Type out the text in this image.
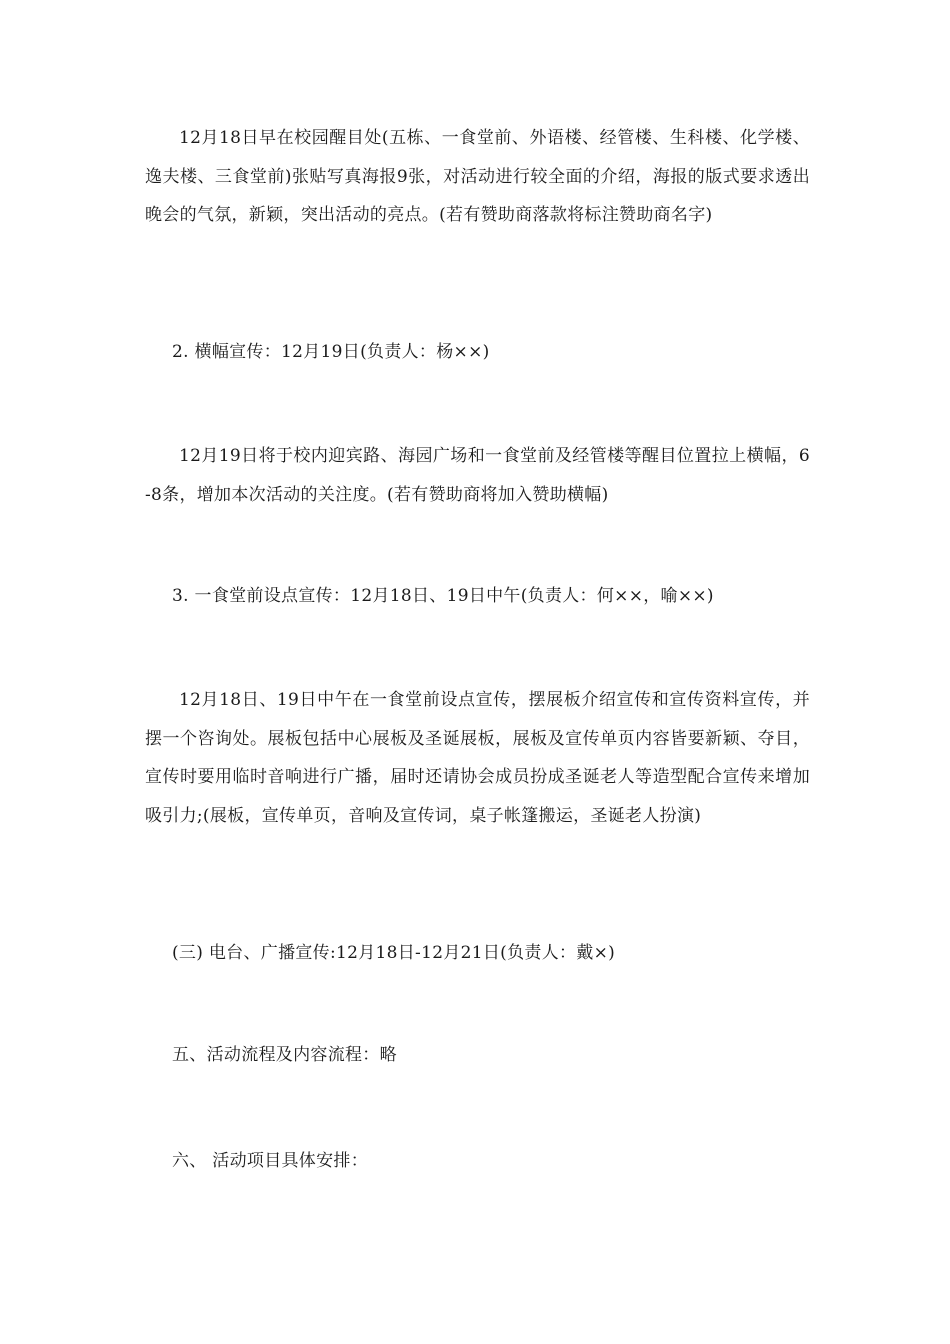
12月18日早在校园醒目处(五栋、一食堂前、外语楼、经管楼、生科楼、化学楼、逸夫楼、三食堂前)张贴写真海报9张，对活动进行较全面的介绍，海报的版式要求透出晚会的气氛，新颖，突出活动的亮点。(若有赞助商落款将标注赞助商名字)

2. 横幅宣传：12月19日(负责人：杨××)

12月19日将于校内迎宾路、海园广场和一食堂前及经管楼等醒目位置拉上横幅，6-8条，增加本次活动的关注度。(若有赞助商将加入赞助横幅)

3. 一食堂前设点宣传：12月18日、19日中午(负责人：何××，喻××)

12月18日、19日中午在一食堂前设点宣传，摆展板介绍宣传和宣传资料宣传，并摆一个咨询处。展板包括中心展板及圣诞展板，展板及宣传单页内容皆要新颖、夺目，宣传时要用临时音响进行广播，届时还请协会成员扮成圣诞老人等造型配合宣传来增加吸引力;(展板，宣传单页，音响及宣传词，桌子帐篷搬运，圣诞老人扮演)

(三) 电台、广播宣传:12月18日-12月21日(负责人：戴×)

五、活动流程及内容流程：略

六、 活动项目具体安排：
